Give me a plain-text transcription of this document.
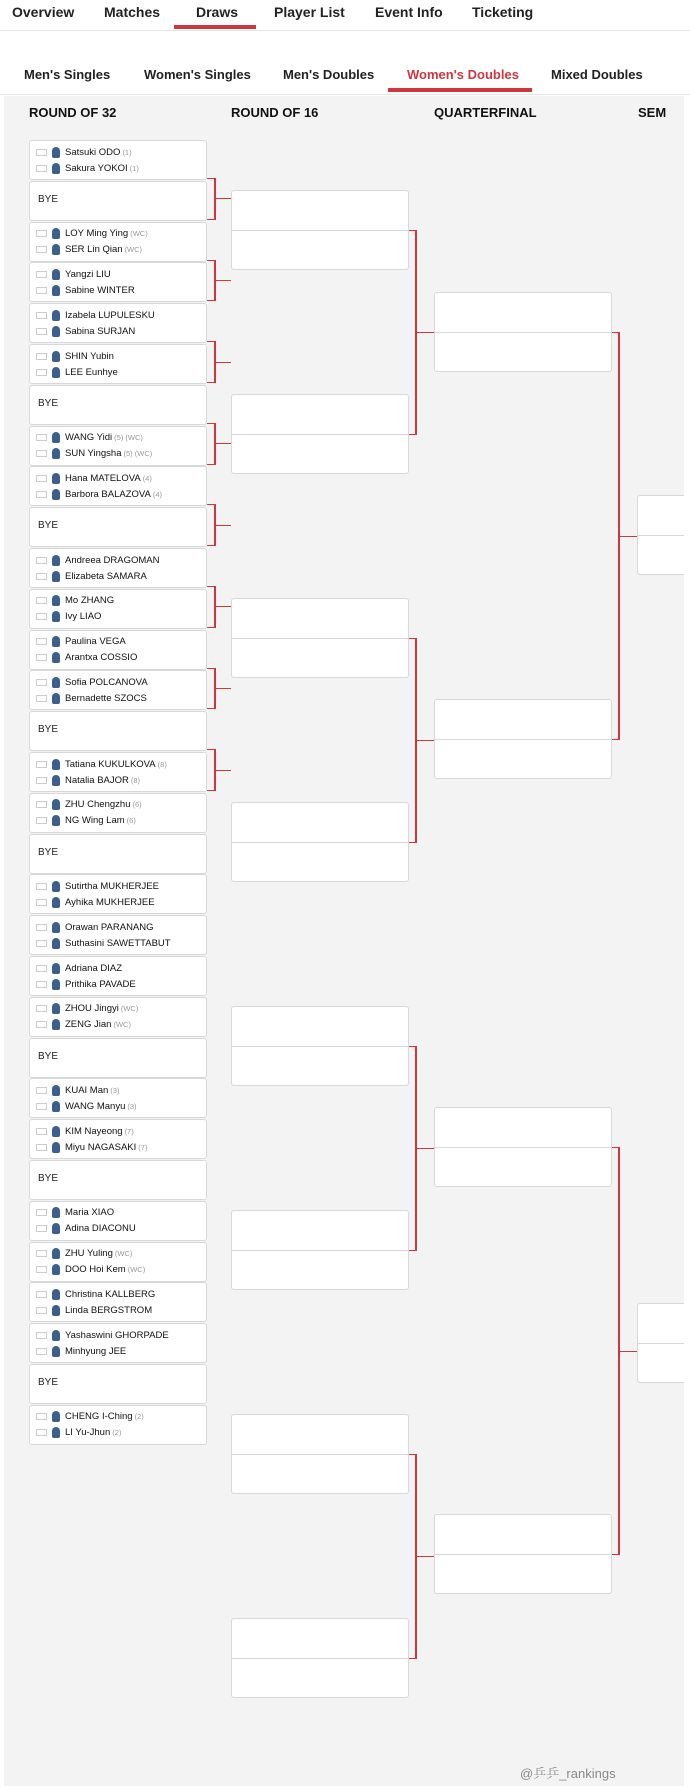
Overview Matches	Draws	Player List Event Info Ticketing
Men's Singles	Women's Singles Men's Doubles	Women's Doubles Mixed Doubles
ROUND OF 32	ROUND OF 16	QUARTERFINAL	SEM
Satsuki ODO (1)
Sakura YOKOI (1)
BYE
LOY Ming Ying (WC)
SER Lin Qian (WC)
Yangzi LIU
Sabine WINTER
Izabela LUPULESKU
Sabina SURJAN
SHIN Yubin
LEE Eunhye
BYE
WANG Yidi (5) (WC)
SUN Yingsha (5) (WC)
Hana MATELOVA (4)
Barbora BALAZOVA (4)
BYE
Andreea DRAGOMAN
Elizabeta SAMARA
Mo ZHANG
Ivy LIAO
Paulina VEGA
Arantxa COSSIO
Sofia POLCANOVA
Bernadette SZOCS
BYE
Tatiana KUKULKOVA (8)
Natalia BAJOR (8)
ZHU Chengzhu (6)
NG Wing Lam (6)
BYE
Sutirtha MUKHERJEE
Ayhika MUKHERJEE
Orawan PARANANG
Suthasini SAWETTABUT
Adriana DIAZ
Prithika PAVADE
ZHOU Jingyi (WC)
ZENG Jian (WC)
BYE
KUAI Man (3)
WANG Manyu (3)
KIM Nayeong (7)
Miyu NAGASAKI (7)
BYE
Maria XIAO
Adina DIACONU
ZHU Yuling (WC)
DOO Hoi Kem (WC)
Christina KALLBERG
Linda BERGSTROM
Yashaswini GHORPADE
Minhyung JEE
BYE
CHENG I-Ching (2)
LI Yu-Jhun (2)
@乒乒_rankings
